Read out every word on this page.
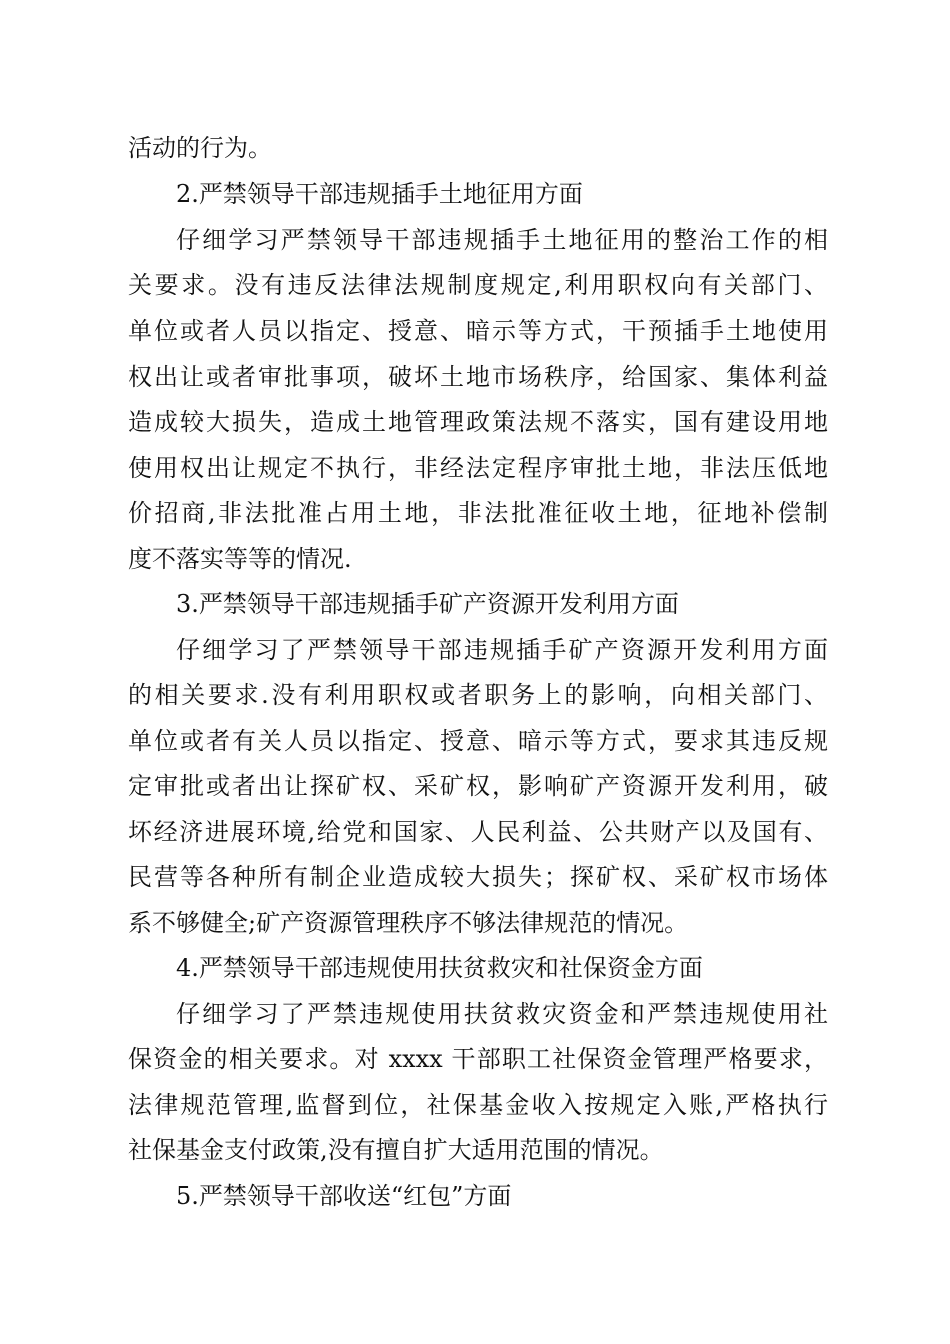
活动的行为。
2.严禁领导干部违规插手土地征用方面
仔细学习严禁领导干部违规插手土地征用的整治工作的相
关要求。没有违反法律法规制度规定,利用职权向有关部门、
单位或者人员以指定、授意、暗示等方式，干预插手土地使用
权出让或者审批事项，破坏土地市场秩序，给国家、集体利益
造成较大损失，造成土地管理政策法规不落实，国有建设用地
使用权出让规定不执行，非经法定程序审批土地，非法压低地
价招商,非法批准占用土地，非法批准征收土地，征地补偿制
度不落实等等的情况.
3.严禁领导干部违规插手矿产资源开发利用方面
仔细学习了严禁领导干部违规插手矿产资源开发利用方面
的相关要求.没有利用职权或者职务上的影响，向相关部门、
单位或者有关人员以指定、授意、暗示等方式，要求其违反规
定审批或者出让探矿权、采矿权，影响矿产资源开发利用，破
坏经济进展环境,给党和国家、人民利益、公共财产以及国有、
民营等各种所有制企业造成较大损失；探矿权、采矿权市场体
系不够健全;矿产资源管理秩序不够法律规范的情况。
4.严禁领导干部违规使用扶贫救灾和社保资金方面
仔细学习了严禁违规使用扶贫救灾资金和严禁违规使用社
保资金的相关要求。对 xxxx 干部职工社保资金管理严格要求，
法律规范管理,监督到位，社保基金收入按规定入账,严格执行
社保基金支付政策,没有擅自扩大适用范围的情况。
5.严禁领导干部收送“红包”方面
